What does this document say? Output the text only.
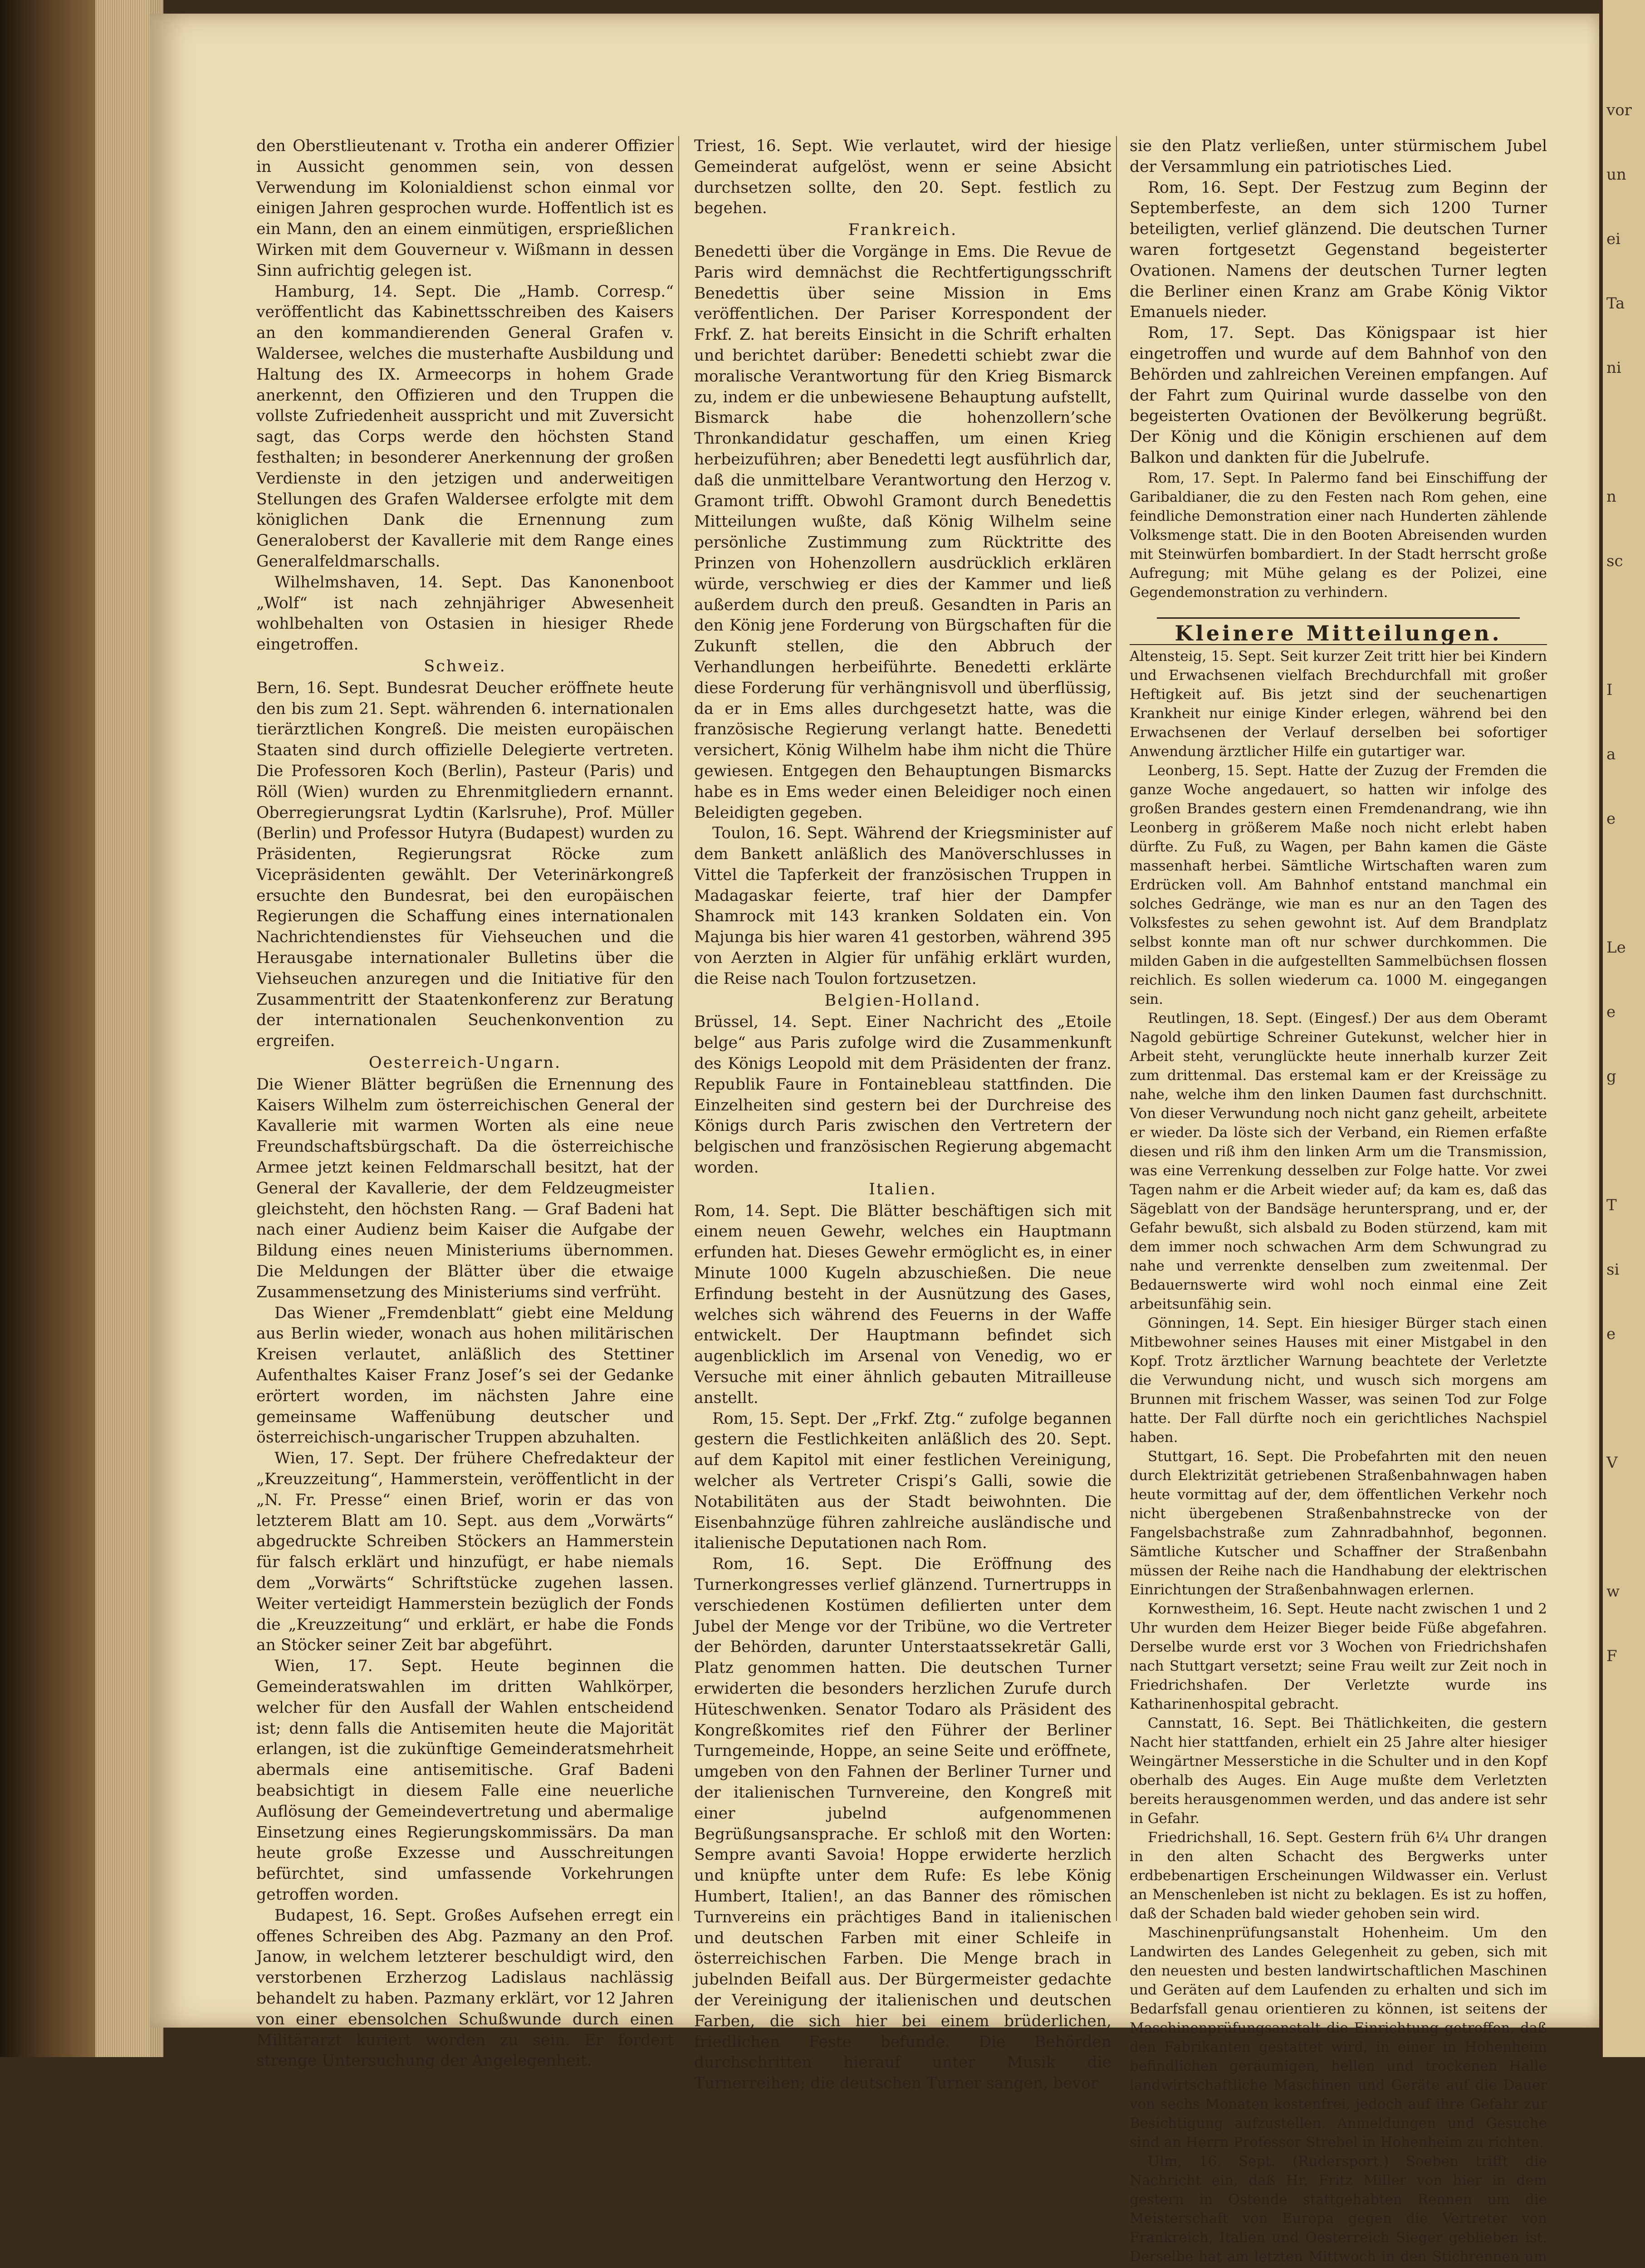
den Oberstlieutenant v. Trotha ein anderer Offizier in Aussicht genommen sein, von dessen Verwendung im Kolonialdienst schon einmal vor einigen Jahren gesprochen wurde. Hoffentlich ist es ein Mann, den an einem einmütigen, ersprießlichen Wirken mit dem Gouverneur v. Wißmann in dessen Sinn aufrichtig gelegen ist.

Hamburg, 14. Sept. Die „Hamb. Corresp.“ veröffentlicht das Kabinettsschreiben des Kaisers an den kommandierenden General Grafen v. Waldersee, welches die musterhafte Ausbildung und Haltung des IX. Armeecorps in hohem Grade anerkennt, den Offizieren und den Truppen die vollste Zufriedenheit ausspricht und mit Zuversicht sagt, das Corps werde den höchsten Stand festhalten; in besonderer Anerkennung der großen Verdienste in den jetzigen und anderweitigen Stellungen des Grafen Waldersee erfolgte mit dem königlichen Dank die Ernennung zum Generaloberst der Kavallerie mit dem Range eines Generalfeldmarschalls.

Wilhelmshaven, 14. Sept. Das Kanonenboot „Wolf“ ist nach zehnjähriger Abwesenheit wohlbehalten von Ostasien in hiesiger Rhede eingetroffen.

Schweiz.

Bern, 16. Sept. Bundesrat Deucher eröffnete heute den bis zum 21. Sept. währenden 6. internationalen tierärztlichen Kongreß. Die meisten europäischen Staaten sind durch offizielle Delegierte vertreten. Die Professoren Koch (Berlin), Pasteur (Paris) und Röll (Wien) wurden zu Ehrenmitgliedern ernannt. Oberregierungsrat Lydtin (Karlsruhe), Prof. Müller (Berlin) und Professor Hutyra (Budapest) wurden zu Präsidenten, Regierungsrat Röcke zum Vicepräsidenten gewählt. Der Veterinärkongreß ersuchte den Bundesrat, bei den europäischen Regierungen die Schaffung eines internationalen Nachrichtendienstes für Viehseuchen und die Herausgabe internationaler Bulletins über die Viehseuchen anzuregen und die Initiative für den Zusammentritt der Staatenkonferenz zur Beratung der internationalen Seuchenkonvention zu ergreifen.

Oesterreich-Ungarn.

Die Wiener Blätter begrüßen die Ernennung des Kaisers Wilhelm zum österreichischen General der Kavallerie mit warmen Worten als eine neue Freundschaftsbürgschaft. Da die österreichische Armee jetzt keinen Feldmarschall besitzt, hat der General der Kavallerie, der dem Feldzeugmeister gleichsteht, den höchsten Rang. — Graf Badeni hat nach einer Audienz beim Kaiser die Aufgabe der Bildung eines neuen Ministeriums übernommen. Die Meldungen der Blätter über die etwaige Zusammensetzung des Ministeriums sind verfrüht.

Das Wiener „Fremdenblatt“ giebt eine Meldung aus Berlin wieder, wonach aus hohen militärischen Kreisen verlautet, anläßlich des Stettiner Aufenthaltes Kaiser Franz Josef’s sei der Gedanke erörtert worden, im nächsten Jahre eine gemeinsame Waffenübung deutscher und österreichisch-ungarischer Truppen abzuhalten.

Wien, 17. Sept. Der frühere Chefredakteur der „Kreuzzeitung“, Hammerstein, veröffentlicht in der „N. Fr. Presse“ einen Brief, worin er das von letzterem Blatt am 10. Sept. aus dem „Vorwärts“ abgedruckte Schreiben Stöckers an Hammerstein für falsch erklärt und hinzufügt, er habe niemals dem „Vorwärts“ Schriftstücke zugehen lassen. Weiter verteidigt Hammerstein bezüglich der Fonds die „Kreuzzeitung“ und erklärt, er habe die Fonds an Stöcker seiner Zeit bar abgeführt.

Wien, 17. Sept. Heute beginnen die Gemeinderatswahlen im dritten Wahlkörper, welcher für den Ausfall der Wahlen entscheidend ist; denn falls die Antisemiten heute die Majorität erlangen, ist die zukünftige Gemeinderatsmehrheit abermals eine antisemitische. Graf Badeni beabsichtigt in diesem Falle eine neuerliche Auflösung der Gemeindevertretung und abermalige Einsetzung eines Regierungskommissärs. Da man heute große Exzesse und Ausschreitungen befürchtet, sind umfassende Vorkehrungen getroffen worden.

Budapest, 16. Sept. Großes Aufsehen erregt ein offenes Schreiben des Abg. Pazmany an den Prof. Janow, in welchem letzterer beschuldigt wird, den verstorbenen Erzherzog Ladislaus nachlässig behandelt zu haben. Pazmany erklärt, vor 12 Jahren von einer ebensolchen Schußwunde durch einen Militärarzt kuriert worden zu sein. Er fordert strenge Untersuchung der Angelegenheit.

Triest, 16. Sept. Wie verlautet, wird der hiesige Gemeinderat aufgelöst, wenn er seine Absicht durchsetzen sollte, den 20. Sept. festlich zu begehen.

Frankreich.

Benedetti über die Vorgänge in Ems. Die Revue de Paris wird demnächst die Rechtfertigungsschrift Benedettis über seine Mission in Ems veröffentlichen. Der Pariser Korrespondent der Frkf. Z. hat bereits Einsicht in die Schrift erhalten und berichtet darüber: Benedetti schiebt zwar die moralische Verantwortung für den Krieg Bismarck zu, indem er die unbewiesene Behauptung aufstellt, Bismarck habe die hohenzollern’sche Thronkandidatur geschaffen, um einen Krieg herbeizuführen; aber Benedetti legt ausführlich dar, daß die unmittelbare Verantwortung den Herzog v. Gramont trifft. Obwohl Gramont durch Benedettis Mitteilungen wußte, daß König Wilhelm seine persönliche Zustimmung zum Rücktritte des Prinzen von Hohenzollern ausdrücklich erklären würde, verschwieg er dies der Kammer und ließ außerdem durch den preuß. Gesandten in Paris an den König jene Forderung von Bürgschaften für die Zukunft stellen, die den Abbruch der Verhandlungen herbeiführte. Benedetti erklärte diese Forderung für verhängnisvoll und überflüssig, da er in Ems alles durchgesetzt hatte, was die französische Regierung verlangt hatte. Benedetti versichert, König Wilhelm habe ihm nicht die Thüre gewiesen. Entgegen den Behauptungen Bismarcks habe es in Ems weder einen Beleidiger noch einen Beleidigten gegeben.

Toulon, 16. Sept. Während der Kriegsminister auf dem Bankett anläßlich des Manöverschlusses in Vittel die Tapferkeit der französischen Truppen in Madagaskar feierte, traf hier der Dampfer Shamrock mit 143 kranken Soldaten ein. Von Majunga bis hier waren 41 gestorben, während 395 von Aerzten in Algier für unfähig erklärt wurden, die Reise nach Toulon fortzusetzen.

Belgien-Holland.

Brüssel, 14. Sept. Einer Nachricht des „Etoile belge“ aus Paris zufolge wird die Zusammenkunft des Königs Leopold mit dem Präsidenten der franz. Republik Faure in Fontainebleau stattfinden. Die Einzelheiten sind gestern bei der Durchreise des Königs durch Paris zwischen den Vertretern der belgischen und französischen Regierung abgemacht worden.

Italien.

Rom, 14. Sept. Die Blätter beschäftigen sich mit einem neuen Gewehr, welches ein Hauptmann erfunden hat. Dieses Gewehr ermöglicht es, in einer Minute 1000 Kugeln abzuschießen. Die neue Erfindung besteht in der Ausnützung des Gases, welches sich während des Feuerns in der Waffe entwickelt. Der Hauptmann befindet sich augenblicklich im Arsenal von Venedig, wo er Versuche mit einer ähnlich gebauten Mitrailleuse anstellt.

Rom, 15. Sept. Der „Frkf. Ztg.“ zufolge begannen gestern die Festlichkeiten anläßlich des 20. Sept. auf dem Kapitol mit einer festlichen Vereinigung, welcher als Vertreter Crispi’s Galli, sowie die Notabilitäten aus der Stadt beiwohnten. Die Eisenbahnzüge führen zahlreiche ausländische und italienische Deputationen nach Rom.

Rom, 16. Sept. Die Eröffnung des Turnerkongresses verlief glänzend. Turnertrupps in verschiedenen Kostümen defilierten unter dem Jubel der Menge vor der Tribüne, wo die Vertreter der Behörden, darunter Unterstaatssekretär Galli, Platz genommen hatten. Die deutschen Turner erwiderten die besonders herzlichen Zurufe durch Hüteschwenken. Senator Todaro als Präsident des Kongreßkomites rief den Führer der Berliner Turngemeinde, Hoppe, an seine Seite und eröffnete, umgeben von den Fahnen der Berliner Turner und der italienischen Turnvereine, den Kongreß mit einer jubelnd aufgenommenen Begrüßungsansprache. Er schloß mit den Worten: Sempre avanti Savoia! Hoppe erwiderte herzlich und knüpfte unter dem Rufe: Es lebe König Humbert, Italien!, an das Banner des römischen Turnvereins ein prächtiges Band in italienischen und deutschen Farben mit einer Schleife in österreichischen Farben. Die Menge brach in jubelnden Beifall aus. Der Bürgermeister gedachte der Vereinigung der italienischen und deutschen Farben, die sich hier bei einem brüderlichen, friedlichen Feste befunde. Die Behörden durchschritten hierauf unter Musik die Turnerreihen; die deutschen Turner sangen, bevor

sie den Platz verließen, unter stürmischem Jubel der Versammlung ein patriotisches Lied.

Rom, 16. Sept. Der Festzug zum Beginn der Septemberfeste, an dem sich 1200 Turner beteiligten, verlief glänzend. Die deutschen Turner waren fortgesetzt Gegenstand begeisterter Ovationen. Namens der deutschen Turner legten die Berliner einen Kranz am Grabe König Viktor Emanuels nieder.

Rom, 17. Sept. Das Königspaar ist hier eingetroffen und wurde auf dem Bahnhof von den Behörden und zahlreichen Vereinen empfangen. Auf der Fahrt zum Quirinal wurde dasselbe von den begeisterten Ovationen der Bevölkerung begrüßt. Der König und die Königin erschienen auf dem Balkon und dankten für die Jubelrufe.

Rom, 17. Sept. In Palermo fand bei Einschiffung der Garibaldianer, die zu den Festen nach Rom gehen, eine feindliche Demonstration einer nach Hunderten zählende Volksmenge statt. Die in den Booten Abreisenden wurden mit Steinwürfen bombardiert. In der Stadt herrscht große Aufregung; mit Mühe gelang es der Polizei, eine Gegendemonstration zu verhindern.

Kleinere Mitteilungen.

Altensteig, 15. Sept. Seit kurzer Zeit tritt hier bei Kindern und Erwachsenen vielfach Brechdurchfall mit großer Heftigkeit auf. Bis jetzt sind der seuchenartigen Krankheit nur einige Kinder erlegen, während bei den Erwachsenen der Verlauf derselben bei sofortiger Anwendung ärztlicher Hilfe ein gutartiger war.

Leonberg, 15. Sept. Hatte der Zuzug der Fremden die ganze Woche angedauert, so hatten wir infolge des großen Brandes gestern einen Fremdenandrang, wie ihn Leonberg in größerem Maße noch nicht erlebt haben dürfte. Zu Fuß, zu Wagen, per Bahn kamen die Gäste massenhaft herbei. Sämtliche Wirtschaften waren zum Erdrücken voll. Am Bahnhof entstand manchmal ein solches Gedränge, wie man es nur an den Tagen des Volksfestes zu sehen gewohnt ist. Auf dem Brandplatz selbst konnte man oft nur schwer durchkommen. Die milden Gaben in die aufgestellten Sammelbüchsen flossen reichlich. Es sollen wiederum ca. 1000 M. eingegangen sein.

Reutlingen, 18. Sept. (Eingesf.) Der aus dem Oberamt Nagold gebürtige Schreiner Gutekunst, welcher hier in Arbeit steht, verunglückte heute innerhalb kurzer Zeit zum drittenmal. Das erstemal kam er der Kreissäge zu nahe, welche ihm den linken Daumen fast durchschnitt. Von dieser Verwundung noch nicht ganz geheilt, arbeitete er wieder. Da löste sich der Verband, ein Riemen erfaßte diesen und riß ihm den linken Arm um die Transmission, was eine Verrenkung desselben zur Folge hatte. Vor zwei Tagen nahm er die Arbeit wieder auf; da kam es, daß das Sägeblatt von der Bandsäge heruntersprang, und er, der Gefahr bewußt, sich alsbald zu Boden stürzend, kam mit dem immer noch schwachen Arm dem Schwungrad zu nahe und verrenkte denselben zum zweitenmal. Der Bedauernswerte wird wohl noch einmal eine Zeit arbeitsunfähig sein.

Gönningen, 14. Sept. Ein hiesiger Bürger stach einen Mitbewohner seines Hauses mit einer Mistgabel in den Kopf. Trotz ärztlicher Warnung beachtete der Verletzte die Verwundung nicht, und wusch sich morgens am Brunnen mit frischem Wasser, was seinen Tod zur Folge hatte. Der Fall dürfte noch ein gerichtliches Nachspiel haben.

Stuttgart, 16. Sept. Die Probefahrten mit den neuen durch Elektrizität getriebenen Straßenbahnwagen haben heute vormittag auf der, dem öffentlichen Verkehr noch nicht übergebenen Straßenbahnstrecke von der Fangelsbachstraße zum Zahnradbahnhof, begonnen. Sämtliche Kutscher und Schaffner der Straßenbahn müssen der Reihe nach die Handhabung der elektrischen Einrichtungen der Straßenbahnwagen erlernen.

Kornwestheim, 16. Sept. Heute nacht zwischen 1 und 2 Uhr wurden dem Heizer Bieger beide Füße abgefahren. Derselbe wurde erst vor 3 Wochen von Friedrichshafen nach Stuttgart versetzt; seine Frau weilt zur Zeit noch in Friedrichshafen. Der Verletzte wurde ins Katharinenhospital gebracht.

Cannstatt, 16. Sept. Bei Thätlichkeiten, die gestern Nacht hier stattfanden, erhielt ein 25 Jahre alter hiesiger Weingärtner Messerstiche in die Schulter und in den Kopf oberhalb des Auges. Ein Auge mußte dem Verletzten bereits herausgenommen werden, und das andere ist sehr in Gefahr.

Friedrichshall, 16. Sept. Gestern früh 6¼ Uhr drangen in den alten Schacht des Bergwerks unter erdbebenartigen Erscheinungen Wildwasser ein. Verlust an Menschenleben ist nicht zu beklagen. Es ist zu hoffen, daß der Schaden bald wieder gehoben sein wird.

Maschinenprüfungsanstalt Hohenheim. Um den Landwirten des Landes Gelegenheit zu geben, sich mit den neuesten und besten landwirtschaftlichen Maschinen und Geräten auf dem Laufenden zu erhalten und sich im Bedarfsfall genau orientieren zu können, ist seitens der Maschinenprüfungsanstalt die Einrichtung getroffen, daß den Fabrikanten gestattet wird, in einer in Hohenheim befindlichen geräumigen, hellen und trockenen Halle landwirtschaftliche Maschinen und Geräte auf die Dauer von sechs Monaten kostenfrei, jedoch auf ihre Gefahr zur Besichtigung aufzustellen. Anmeldungen und Gesuche sind an Herrn Professor Strebel in Hohenheim zu richten.

Ulm, 16. Sept. (Rudersport.) Soeben trifft die Nachricht ein, daß Hr. Fritz Miller von hier in dem gestern in Ostende stattgehabten Rennen um die Meisterschaft von Europa gegen die Vertreter von Frankreich, Italien und Oesterreich Sieger geblieben ist. Derselbe hat am letzten Mittwoch in den Stichrennen um

vor
un
ei
Ta
ni

n
sc

I
a
e

Le
e
g

T
si
e

V

w
F
